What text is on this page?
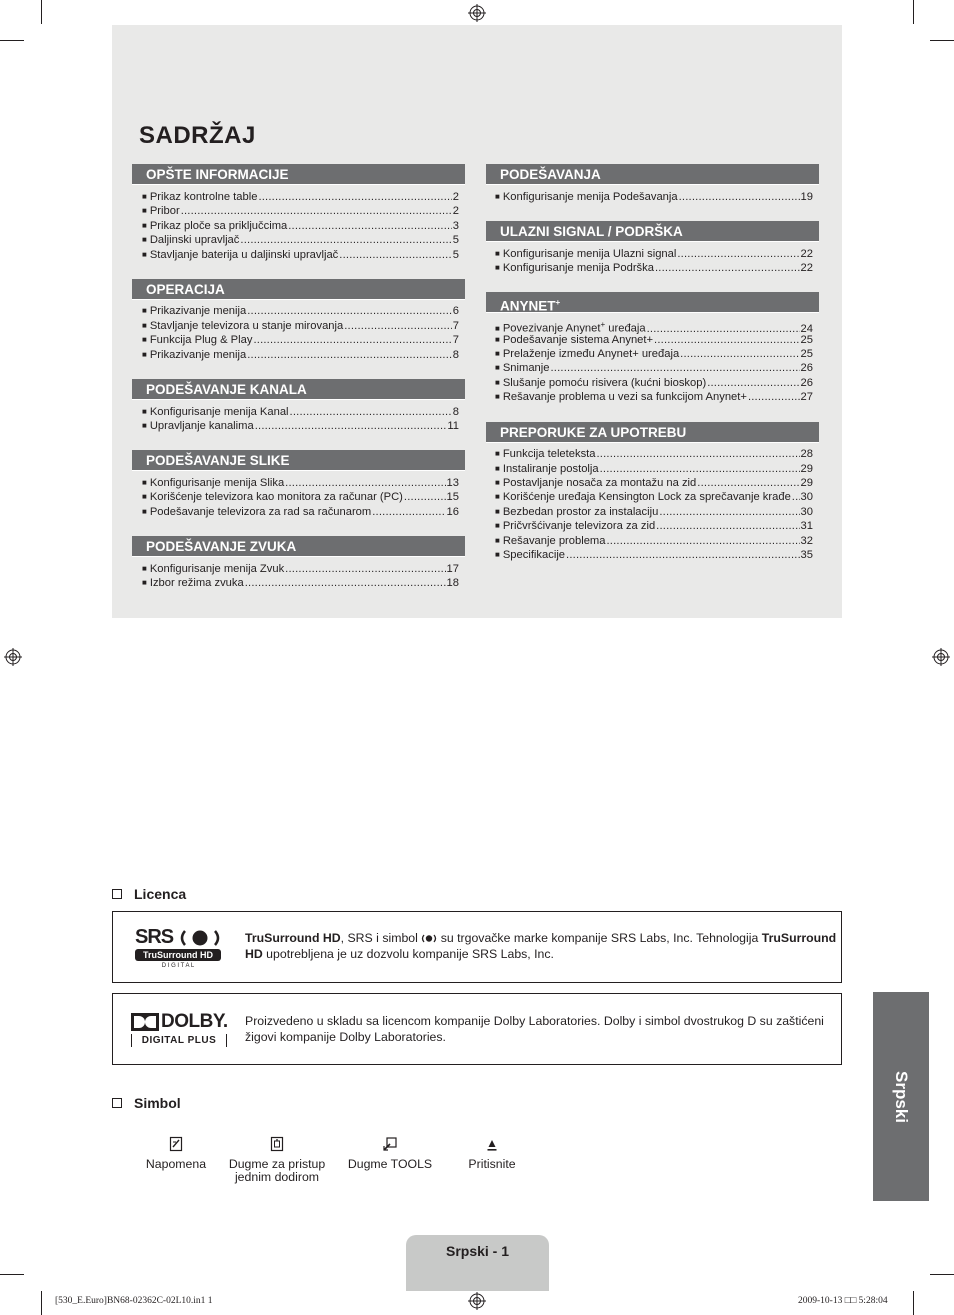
SADRŽAJ
OPŠTE INFORMACIJE
■ Prikaz kontrolne table .....	2
■ Pribor .....	2
■ Prikaz ploče sa priključcima .....	3
■ Daljinski upravljač .....	5
■ Stavljanje baterija u daljinski upravljač .....	5
OPERACIJA
■ Prikazivanje menija .....	6
■ Stavljanje televizora u stanje mirovanja .....	7
■ Funkcija Plug & Play .....	7
■ Prikazivanje menija .....	8
PODEŠAVANJE KANALA
■ Konfigurisanje menija Kanal .....	8
■ Upravljanje kanalima .....	11
PODEŠAVANJE SLIKE
■ Konfigurisanje menija Slika .....	13
■ Korišćenje televizora kao monitora za računar (PC) .....	15
■ Podešavanje televizora za rad sa računarom .....	16
PODEŠAVANJE ZVUKA
■ Konfigurisanje menija Zvuk .....	17
■ Izbor režima zvuka .....	18
PODEŠAVANJA
■ Konfigurisanje menija Podešavanja .....	19
ULAZNI SIGNAL / PODRŠKA
■ Konfigurisanje menija Ulazni signal .....	22
■ Konfigurisanje menija Podrška .....	22
ANYNET+
■ Povezivanje Anynet+ uređaja .....	24
■ Podešavanje sistema Anynet+ .....	25
■ Prelaženje između Anynet+ uređaja .....	25
■ Snimanje .....	26
■ Slušanje pomoću risivera (kućni bioskop) .....	26
■ Rešavanje problema u vezi sa funkcijom Anynet+ .....	27
PREPORUKE ZA UPOTREBU
■ Funkcija teleteksta .....	28
■ Instaliranje postolja .....	29
■ Postavljanje nosača za montažu na zid .....	29
■ Korišćenje uređaja Kensington Lock za sprečavanje krađe ..... 30
■ Bezbedan prostor za instalaciju .....	30
■ Pričvršćivanje televizora za zid .....	31
■ Rešavanje problema .....	32
■ Specifikacije .....	35
Licenca
SRS
TruSurround HD
D I G I T A L
TruSurround HD, SRS i simbol  su trgovačke marke kompanije SRS Labs, Inc. Tehnologija TruSurround HD upotrebljena je uz dozvolu kompanije SRS Labs, Inc.
DOLBY.
DIGITAL PLUS
Proizvedeno u skladu sa licencom kompanije Dolby Laboratories. Dolby i simbol dvostrukog D su zaštićeni žigovi kompanije Dolby Laboratories.
Simbol
Napomena	Dugme za pristup jednim dodirom
Dugme TOOLS	Pritisnite
Srpski
Srpski - 1
[530_E.Euro]BN68-02362C-02L10.in1 1	2009-10-13 □□ 5:28:04
